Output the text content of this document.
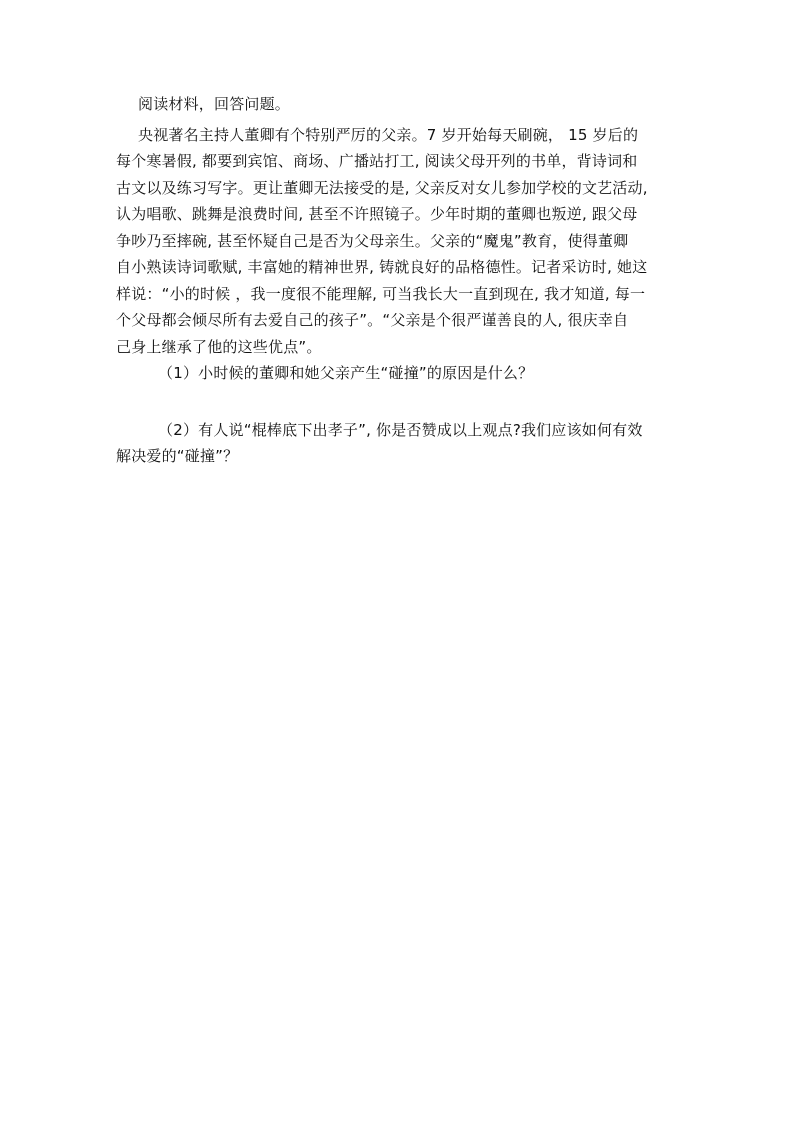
阅读材料，回答问题。
央视著名主持人董卿有个特别严厉的父亲。7 岁开始每天刷碗， 15 岁后的
每个寒暑假, 都要到宾馆、商场、广播站打工, 阅读父母开列的书单，背诗词和
古文以及练习写字。更让董卿无法接受的是, 父亲反对女儿参加学校的文艺活动,
认为唱歌、跳舞是浪费时间, 甚至不许照镜子。少年时期的董卿也叛逆, 跟父母
争吵乃至摔碗, 甚至怀疑自己是否为父母亲生。父亲的“魔鬼”教育，使得董卿
自小熟读诗词歌赋, 丰富她的精神世界, 铸就良好的品格德性。记者采访时, 她这
样说：“小的时候 ，我一度很不能理解, 可当我长大一直到现在, 我才知道, 每一
个父母都会倾尽所有去爱自己的孩子”。“父亲是个很严谨善良的人, 很庆幸自
己身上继承了他的这些优点”。
（1）小时候的董卿和她父亲产生“碰撞”的原因是什么？
（2）有人说“棍棒底下出孝子”, 你是否赞成以上观点?我们应该如何有效
解决爱的“碰撞”？
